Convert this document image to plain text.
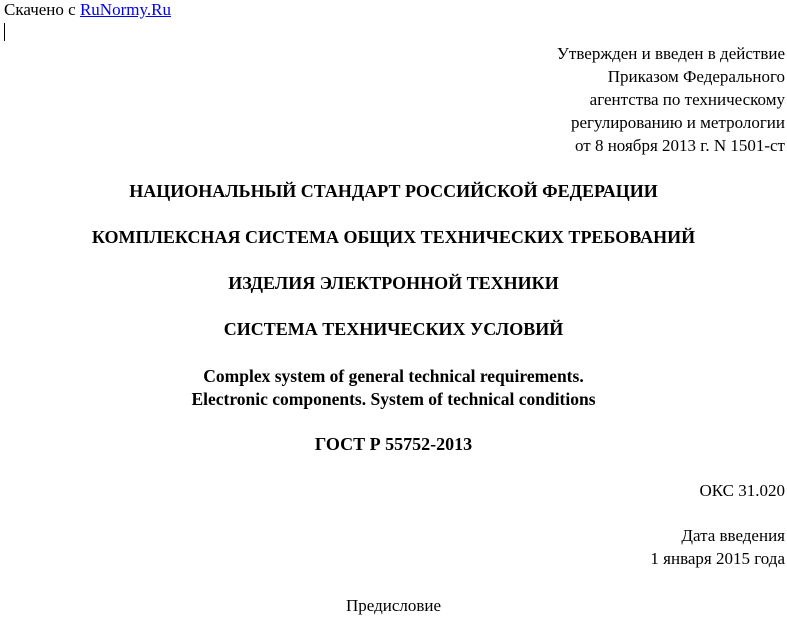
Скачено с RuNormy.Ru
Утвержден и введен в действие
Приказом Федерального
агентства по техническому
регулированию и метрологии
от 8 ноября 2013 г. N 1501-ст
НАЦИОНАЛЬНЫЙ СТАНДАРТ РОССИЙСКОЙ ФЕДЕРАЦИИ
КОМПЛЕКСНАЯ СИСТЕМА ОБЩИХ ТЕХНИЧЕСКИХ ТРЕБОВАНИЙ
ИЗДЕЛИЯ ЭЛЕКТРОННОЙ ТЕХНИКИ
СИСТЕМА ТЕХНИЧЕСКИХ УСЛОВИЙ
Complex system of general technical requirements.
Electronic components. System of technical conditions
ГОСТ Р 55752-2013
ОКС 31.020
Дата введения
1 января 2015 года
Предисловие
